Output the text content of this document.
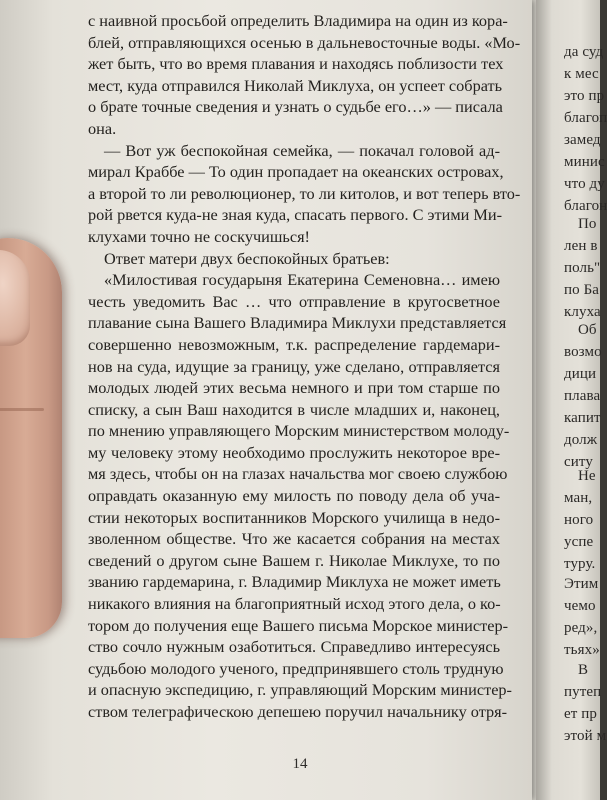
с наивной просьбой определить Владимира на один из кора-
блей, отправляющихся осенью в дальневосточные воды. «Мо-
жет быть, что во время плавания и находясь поблизости тех
мест, куда отправился Николай Миклуха, он успеет собрать
о брате точные сведения и узнать о судьбе его…» — писала
она.
— Вот уж беспокойная семейка, — покачал головой ад-
мирал Краббе — То один пропадает на океанских островах,
а второй то ли революционер, то ли китолов, и вот теперь вто-
рой рвется куда-не зная куда, спасать первого. С этими Ми-
клухами точно не соскучишься!
Ответ матери двух беспокойных братьев:
«Милостивая государыня Екатерина Семеновна… имею
честь уведомить Вас … что отправление в кругосветное
плавание сына Вашего Владимира Миклухи представляется
совершенно невозможным, т.к. распределение гардемари-
нов на суда, идущие за границу, уже сделано, отправляется
молодых людей этих весьма немного и при том старше по
списку, а сын Ваш находится в числе младших и, наконец,
по мнению управляющего Морским министерством молоду-
му человеку этому необходимо прослужить некоторое вре-
мя здесь, чтобы он на глазах начальства мог своею службою
оправдать оказанную ему милость по поводу дела об уча-
стии некоторых воспитанников Морского училища в недо-
зволенном обществе. Что же касается собрания на местах
сведений о другом сыне Вашем г. Николае Миклухе, то по
званию гардемарина, г. Владимир Миклуха не может иметь
никакого влияния на благоприятный исход этого дела, о ко-
тором до получения еще Вашего письма Морское министер-
ство сочло нужным озаботиться. Справедливо интересуясь
судьбою молодого ученого, предпринявшего столь трудную
и опасную экспедицию, г. управляющий Морским министер-
ством телеграфическою депешею поручил начальнику отря-
да суд
к мес
это пр
благоп
замед
минис
что ду
благон
По
лен в
поль"
по Ба
клуха
Об
возмо
дици
плава
капит
долж
ситу
Не
ман,
ного
успе
туру.
Этим
чемо
ред»,
тьях»
В
путеп
ет пр
этой м
14
